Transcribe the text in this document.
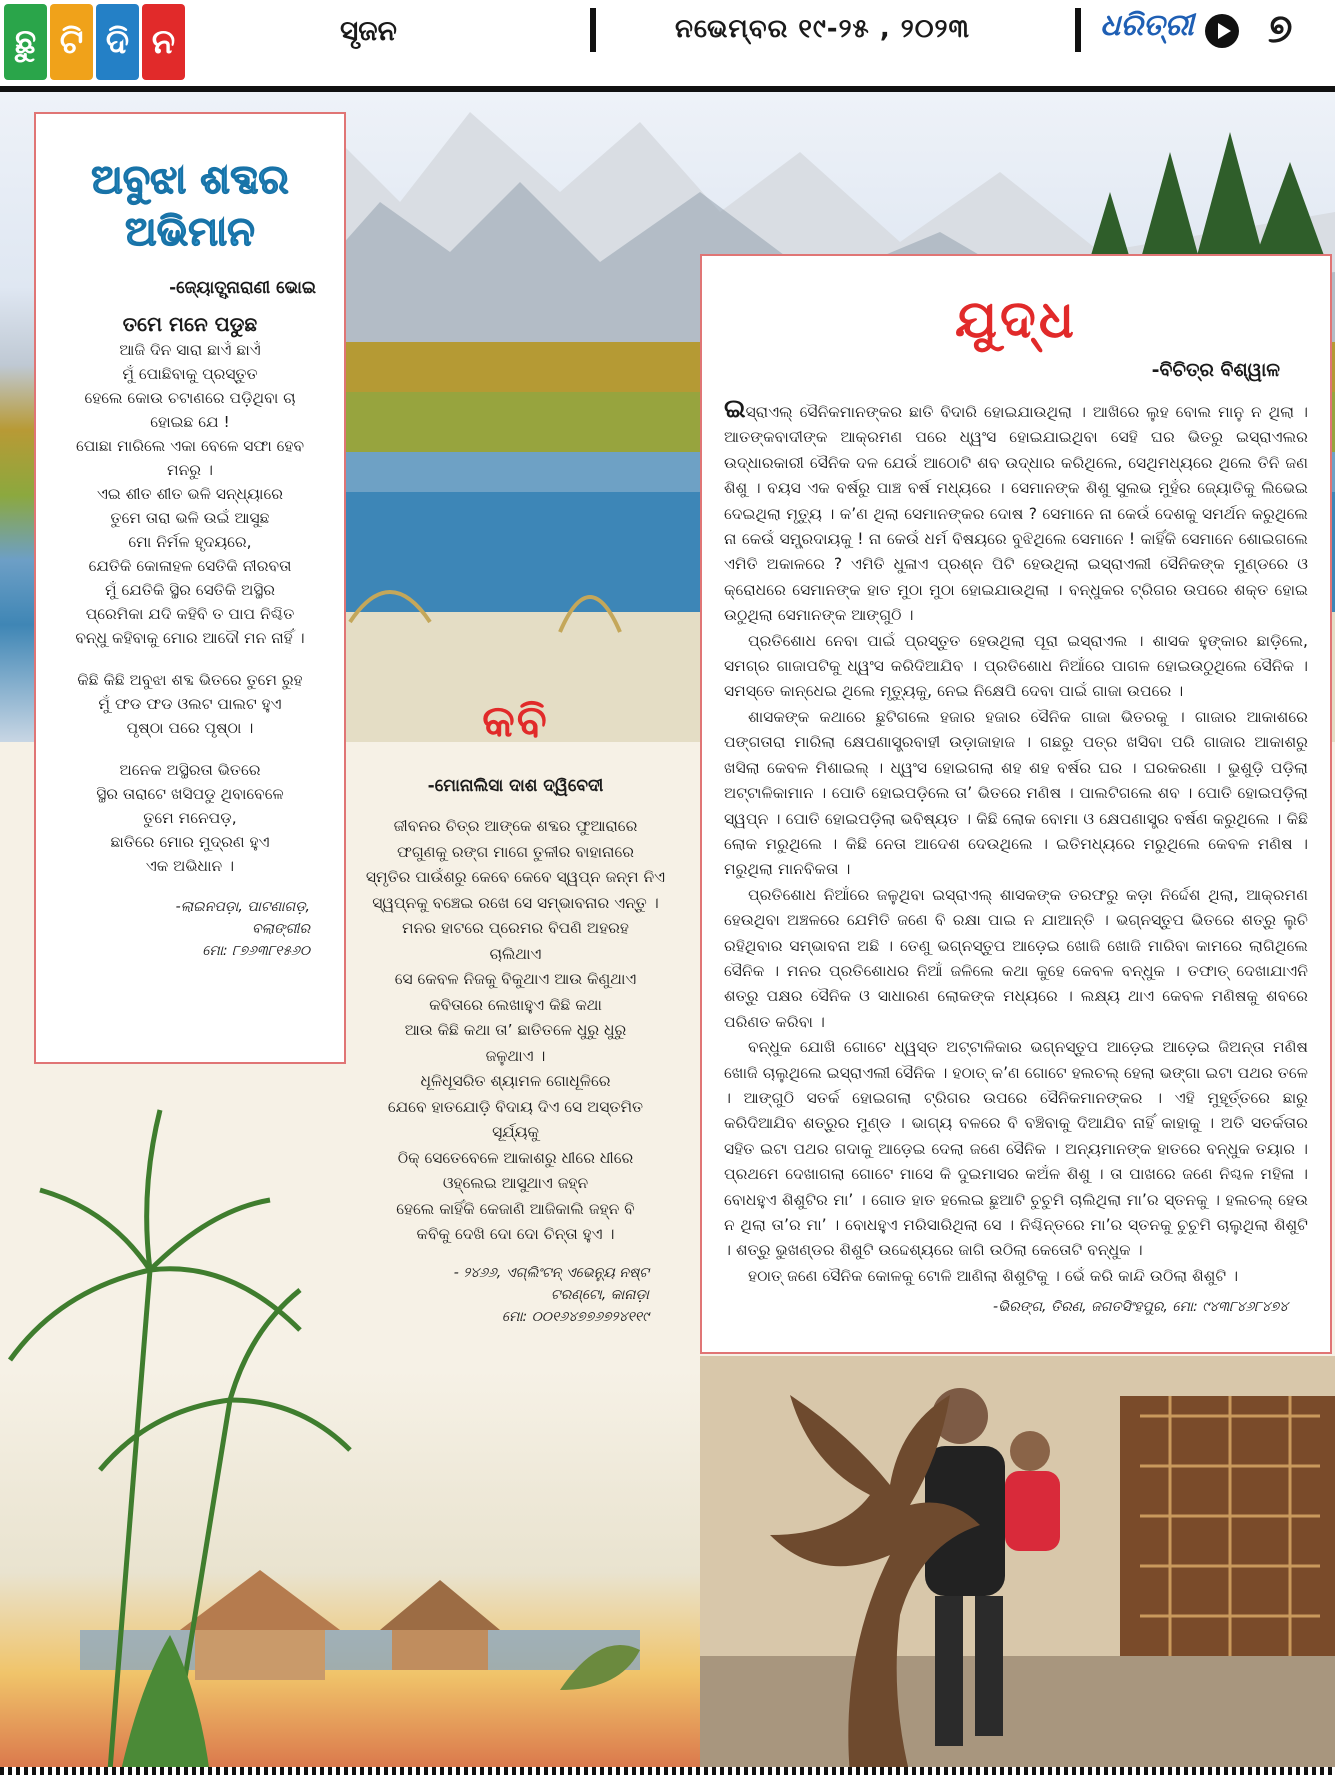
ଛୁ ଟି ଦି ନ	ସୃଜନ	ନଭେମ୍ବର ୧୯-୨୫ , ୨୦୨୩	ଧରିତ୍ରୀ ୭
ଅବୁଝା ଶବ୍ଦର
ଅଭିମାନ
-ଜ୍ୟୋତ୍ସ୍ନାରାଣୀ ଭୋଇ

ତମେ ମନେ ପଡୁଛ
ଆଜି ଦିନ ସାରା ଛାଏଁ ଛାଏଁ
ମୁଁ ପୋଛିବାକୁ ପ୍ରସ୍ତୁତ
ହେଲେ କୋଉ ଚଟାଣରେ ପଡ଼ିଥିବା ଚା
ହୋଇଛ ଯେ !
ପୋଛା ମାରିଲେ ଏକା ବେଳେ ସଫା ହେବ
ମନରୁ ।
ଏଇ ଶୀତ ଶୀତ ଭଳି ସନ୍ଧ୍ୟାରେ
ତୁମେ ତାରା ଭଳି ଉଇଁ ଆସୁଛ
ମୋ ନିର୍ମଳ ହୃଦୟରେ,
ଯେତିକି କୋଳାହଳ ସେତିକି ନୀରବତା
ମୁଁ ଯେତିକି ସ୍ଥିର ସେତିକି ଅସ୍ଥିର
ପ୍ରେମିକା ଯଦି କହିବି ତ ପାପ ନିଶ୍ଚିତ
ବନ୍ଧୁ କହିବାକୁ ମୋର ଆଦୌ ମନ ନାହିଁ ।

କିଛି କିଛି ଅବୁଝା ଶବ୍ଦ ଭିତରେ ତୁମେ ରୁହ
ମୁଁ ଫଡ ଫଡ ଓଲଟ ପାଲଟ ହୁଏ
ପୃଷ୍ଠା ପରେ ପୃଷ୍ଠା ।

ଅନେକ ଅସ୍ଥିରତା ଭିତରେ
ସ୍ଥିର ତାରାଟେ ଖସିପଡୁ ଥିବାବେଳେ
ତୁମେ ମନେପଡ଼,
ଛାତିରେ ମୋର ମୁଦ୍ରଣ ହୁଏ
ଏକ ଅଭିଧାନ ।

-ଲାଇନପଡ଼ା, ପାଟଣାଗଡ଼,
ବଲାଙ୍ଗୀର
ମୋ: ୮୭୬୩୮୧୫୬୦
କବି
-ମୋନାଲିସା ଦାଶ ଦ୍ୱିବେଦୀ
ଜୀବନର ଚିତ୍ର ଆଙ୍କେ ଶବ୍ଦର ଫୁଆରାରେ
ଫଗୁଣକୁ ରଙ୍ଗ ମାଗେ ତୁଳୀର ବାହାନାରେ
ସ୍ମୃତିର ପାଉଁଶରୁ କେବେ କେବେ ସ୍ୱପ୍ନ ଜନ୍ମ ନିଏ
ସ୍ୱପ୍ନକୁ ବଞ୍ଚେଇ ରଖେ ସେ ସମ୍ଭାବନାର ଏନ୍ତୁ ।
ମନର ହାଟରେ ପ୍ରେମର ବିପଣି ଅହରହ
ଚାଲିଥାଏ
ସେ କେବଳ ନିଜକୁ ବିକୁଥାଏ ଆଉ କିଣୁଥାଏ
କବିତାରେ ଲେଖାହୁଏ କିଛି କଥା
ଆଉ କିଛି କଥା ତା’ ଛାତିତଳେ ଧୁରୁ ଧୁରୁ
ଜଳୁଥାଏ ।
ଧୂଳିଧୂସରିତ ଶ୍ୟାମଳ ଗୋଧୂଳିରେ
ଯେବେ ହାତଯୋଡ଼ି ବିଦାୟ ଦିଏ ସେ ଅସ୍ତମିତ
ସୂର୍ଯ୍ୟକୁ
ଠିକ୍ ସେତେବେଳେ ଆକାଶରୁ ଧୀରେ ଧୀରେ
ଓହ୍ଲେଇ ଆସୁଥାଏ ଜହ୍ନ
ହେଲେ କାହିଁକି କେଜାଣି ଆଜିକାଲି ଜହ୍ନ ବି
କବିକୁ ଦେଖି ଦୋ ଦୋ ଚିନ୍ତା ହୁଏ ।
- ୨୪୬୬, ଏଗ୍ଲିଂଟନ୍ ଏଭେନ୍ୟୁ ନଷ୍ଟ
ଟରଣ୍ଟୋ, କାନାଡ଼ା
ମୋ: ୦୦୧୬୪୭୭୬୭୨୪୧୧୯
ଯୁଦ୍ଧ
-ବିଚିତ୍ର ବିଶ୍ୱାଳ

ଇସ୍ରାଏଲ୍ ସୈନିକମାନଙ୍କର ଛାତି ବିଦାରି ହୋଇଯାଉଥିଲା । ଆଖିରେ ଲୁହ ବୋଲ ମାନୁ ନ ଥିଲା । ଆତଙ୍କବାଦୀଙ୍କ ଆକ୍ରମଣ ପରେ ଧ୍ୱଂସ ହୋଇଯାଇଥିବା ସେହି ଘର ଭିତରୁ ଇସ୍ରାଏଲର ଉଦ୍ଧାରକାରୀ ସୈନିକ ଦଳ ଯେଉଁ ଆଠୋଟି ଶବ ଉଦ୍ଧାର କରିଥିଲେ, ସେଥିମଧ୍ୟରେ ଥିଲେ ତିନି ଜଣ ଶିଶୁ । ବୟସ ଏକ ବର୍ଷରୁ ପାଞ୍ଚ ବର୍ଷ ମଧ୍ୟରେ । ସେମାନଙ୍କ ଶିଶୁ ସୁଲଭ ମୁହଁର ଜ୍ୟୋତିକୁ ଲିଭେଇ ଦେଇଥିଲା ମୃତ୍ୟୁ । କ’ଣ ଥିଲା ସେମାନଙ୍କର ଦୋଷ ? ସେମାନେ ନା କେଉଁ ଦେଶକୁ ସମର୍ଥନ କରୁଥିଲେ ନା କେଉଁ ସମ୍ପ୍ରଦାୟକୁ ! ନା କେଉଁ ଧର୍ମ ବିଷୟରେ ବୁଝିଥିଲେ ସେମାନେ ! କାହିଁକି ସେମାନେ ଶୋଇଗଲେ ଏମିତି ଅକାଳରେ ? ଏମିତି ଧୁଳାଏ ପ୍ରଶ୍ନ ପିଟି ହେଉଥିଲା ଇସ୍ରାଏଲୀ ସୈନିକଙ୍କ ମୁଣ୍ଡରେ ଓ କ୍ରୋଧରେ ସେମାନଙ୍କ ହାତ ମୁଠା ମୁଠା ହୋଇଯାଉଥିଲା । ବନ୍ଧୁକର ଟ୍ରିଗର ଉପରେ ଶକ୍ତ ହୋଇ ଉଠୁଥିଲା ସେମାନଙ୍କ ଆଙ୍ଗୁଠି ।

ପ୍ରତିଶୋଧ ନେବା ପାଇଁ ପ୍ରସ୍ତୁତ ହେଉଥିଲା ପୂରା ଇସ୍ରାଏଲ । ଶାସକ ହୁଙ୍କାର ଛାଡ଼ିଲେ, ସମଗ୍ର ଗାଜାପଟିକୁ ଧ୍ୱଂସ କରିଦିଆଯିବ । ପ୍ରତିଶୋଧ ନିଆଁରେ ପାଗଳ ହୋଇଉଠୁଥିଲେ ସୈନିକ । ସମସ୍ତେ କାନ୍ଧେଇ ଥିଲେ ମୃତ୍ୟୁକୁ, ନେଇ ନିକ୍ଷେପି ଦେବା ପାଇଁ ଗାଜା ଉପରେ ।

ଶାସକଙ୍କ କଥାରେ ଛୁଟିଗଲେ ହଜାର ହଜାର ସୈନିକ ଗାଜା ଭିତରକୁ । ଗାଜାର ଆକାଶରେ ପଙ୍ଗତାରା ମାରିଲା କ୍ଷେପଣାସ୍ତ୍ରବାହୀ ଉଡ଼ାଜାହାଜ । ଗଛରୁ ପତ୍ର ଖସିବା ପରି ଗାଜାର ଆକାଶରୁ ଖସିଲା କେବଳ ମିଶାଇଲ୍ । ଧ୍ୱଂସ ହୋଇଗଲା ଶହ ଶହ ବର୍ଷର ଘର । ଘରକରଣା । ଭୁଶୁଡ଼ି ପଡ଼ିଲା ଅଟ୍ଟାଳିକାମାନ । ପୋତି ହୋଇପଡ଼ିଲେ ତା’ ଭିତରେ ମଣିଷ । ପାଲଟିଗଲେ ଶବ । ପୋତି ହୋଇପଡ଼ିଲା ସ୍ୱପ୍ନ । ପୋତି ହୋଇପଡ଼ିଲା ଭବିଷ୍ୟତ । କିଛି ଲୋକ ବୋମା ଓ କ୍ଷେପଣାସ୍ତ୍ର ବର୍ଷଣ କରୁଥିଲେ । କିଛି ଲୋକ ମରୁଥିଲେ । କିଛି ନେତା ଆଦେଶ ଦେଉଥିଲେ । ଇତିମଧ୍ୟରେ ମରୁଥିଲେ କେବଳ ମଣିଷ । ମରୁଥିଲା ମାନବିକତା ।

ପ୍ରତିଶୋଧ ନିଆଁରେ ଜଳୁଥିବା ଇସ୍ରାଏଲ୍ ଶାସକଙ୍କ ତରଫରୁ କଡ଼ା ନିର୍ଦ୍ଦେଶ ଥିଲା, ଆକ୍ରମଣ ହେଉଥିବା ଅଞ୍ଚଳରେ ଯେମିତି ଜଣେ ବି ରକ୍ଷା ପାଇ ନ ଯାଆନ୍ତି । ଭଗ୍ନସ୍ତୁପ ଭିତରେ ଶତ୍ରୁ ଲୁଚି ରହିଥିବାର ସମ୍ଭାବନା ଅଛି । ତେଣୁ ଭଗ୍ନସ୍ତୁପ ଆଡ଼େଇ ଖୋଜି ଖୋଜି ମାରିବା କାମରେ ଲାଗିଥିଲେ ସୈନିକ । ମନର ପ୍ରତିଶୋଧର ନିଆଁ ଜଳିଲେ କଥା କୁହେ କେବଳ ବନ୍ଧୁକ । ତଫାତ୍ ଦେଖାଯାଏନି ଶତ୍ରୁ ପକ୍ଷର ସୈନିକ ଓ ସାଧାରଣ ଲୋକଙ୍କ ମଧ୍ୟରେ । ଲକ୍ଷ୍ୟ ଥାଏ କେବଳ ମଣିଷକୁ ଶବରେ ପରିଣତ କରିବା ।

ବନ୍ଧୁକ ଯୋଖି ଗୋଟେ ଧ୍ୱସ୍ତ ଅଟ୍ଟାଳିକାର ଭଗ୍ନସ୍ତୁପ ଆଡ଼େଇ ଆଡ଼େଇ ଜିଅନ୍ତା ମଣିଷ ଖୋଜି ଚାଲୁଥିଲେ ଇସ୍ରାଏଲୀ ସୈନିକ । ହଠାତ୍ କ’ଣ ଗୋଟେ ହଲଚଲ୍ ହେଲା ଭଙ୍ଗା ଇଟା ପଥର ତଳେ । ଆଙ୍ଗୁଠି ସତର୍କ ହୋଇଗଲା ଟ୍ରିଗର ଉପରେ ସୈନିକମାନଙ୍କର । ଏହି ମୁହୂର୍ତ୍ତରେ ଛାରୁ କରିଦିଆଯିବ ଶତ୍ରୁର ମୁଣ୍ଡ । ଭାଗ୍ୟ ବଳରେ ବି ବଞ୍ଚିବାକୁ ଦିଆଯିବ ନାହିଁ କାହାକୁ । ଅତି ସତର୍କତାର ସହିତ ଇଟା ପଥର ଗଦାକୁ ଆଡ଼େଇ ଦେଲା ଜଣେ ସୈନିକ । ଅନ୍ୟମାନଙ୍କ ହାତରେ ବନ୍ଧୁକ ତୟାର । ପ୍ରଥମେ ଦେଖାଗଲା ଗୋଟେ ମାସେ କି ଦୁଇମାସର କଅଁଳ ଶିଶୁ । ତା ପାଖରେ ଜଣେ ନିଶ୍ଚଳ ମହିଳା । ବୋଧହୁଏ ଶିଶୁଟିର ମା’ । ଗୋଡ ହାତ ହଲେଇ ଛୁଆଟି ଚୁଚୁମି ଚାଲିଥିଲା ମା’ର ସ୍ତନକୁ । ହଲଚଲ୍ ହେଉ ନ ଥିଲା ତା’ର ମା’ । ବୋଧହୁଏ ମରିସାରିଥିଲା ସେ । ନିଶ୍ଚିନ୍ତରେ ମା’ର ସ୍ତନକୁ ଚୁଚୁମି ଚାଲୁଥିଲା ଶିଶୁଟି । ଶତ୍ରୁ ଭୁଖଣ୍ଡର ଶିଶୁଟି ଉଦ୍ଦେଶ୍ୟରେ ଜାଗି ଉଠିଲା କେତୋଟି ବନ୍ଧୁକ ।

ହଠାତ୍ ଜଣେ ସୈନିକ କୋଳକୁ ଟୋଳି ଆଣିଲା ଶିଶୁଟିକୁ । ଭେଁ କରି କାନ୍ଦି ଉଠିଲା ଶିଶୁଟି ।

-ଭିରଙ୍ଗ, ତିରଣ, ଜଗତସିଂହପୁର, ମୋ: ୯୪୩୮୪୬୮୪୭୪
